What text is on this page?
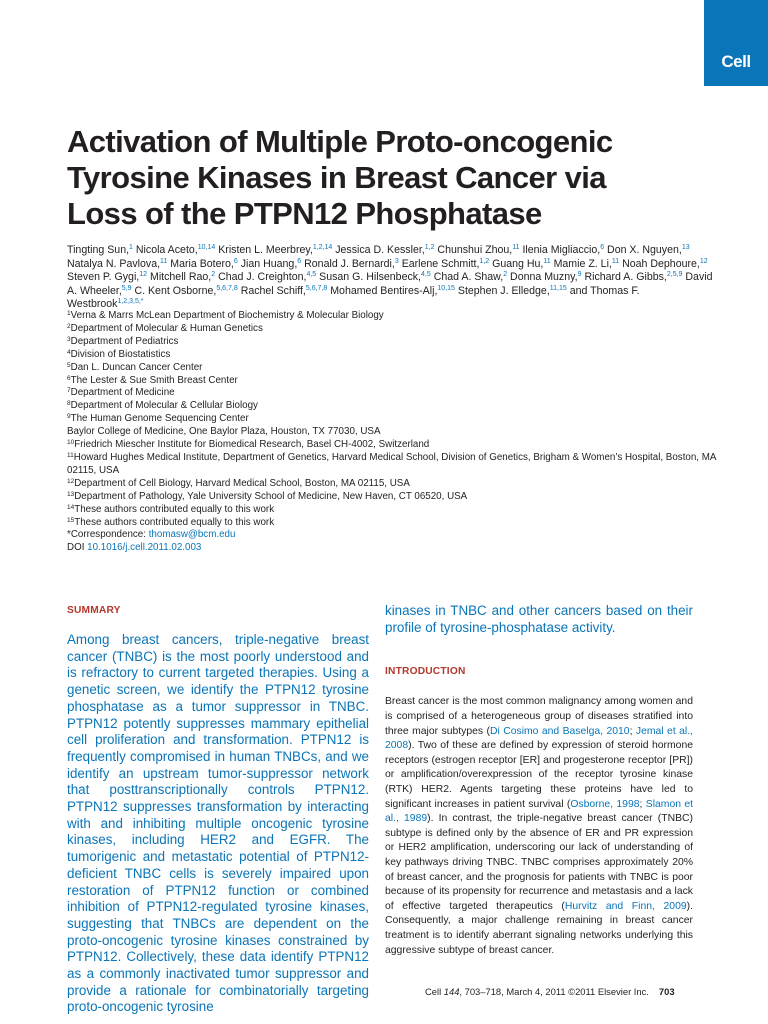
Cell
Activation of Multiple Proto-oncogenic
Tyrosine Kinases in Breast Cancer via
Loss of the PTPN12 Phosphatase
Tingting Sun,$^1$ Nicola Aceto,$^{10,14}$ Kristen L. Meerbrey,$^{1,2,14}$ Jessica D. Kessler,$^{1,2}$ Chunshui Zhou,$^{11}$ Ilenia Migliaccio,$^6$ Don X. Nguyen,$^{13}$ Natalya N. Pavlova,$^{11}$ Maria Botero,$^6$ Jian Huang,$^6$ Ronald J. Bernardi,$^3$ Earlene Schmitt,$^{1,2}$ Guang Hu,$^{11}$ Mamie Z. Li,$^{11}$ Noah Dephoure,$^{12}$ Steven P. Gygi,$^{12}$ Mitchell Rao,$^2$ Chad J. Creighton,$^{4,5}$ Susan G. Hilsenbeck,$^{4,5}$ Chad A. Shaw,$^2$ Donna Muzny,$^9$ Richard A. Gibbs,$^{2,5,9}$ David A. Wheeler,$^{5,9}$ C. Kent Osborne,$^{5,6,7,8}$ Rachel Schiff,$^{5,6,7,8}$ Mohamed Bentires-Alj,$^{10,15}$ Stephen J. Elledge,$^{11,15}$ and Thomas F. Westbrook$^{1,2,3,5,*}$
$^1$Verna & Marrs McLean Department of Biochemistry & Molecular Biology
$^2$Department of Molecular & Human Genetics
$^3$Department of Pediatrics
$^4$Division of Biostatistics
$^5$Dan L. Duncan Cancer Center
$^6$The Lester & Sue Smith Breast Center
$^7$Department of Medicine
$^8$Department of Molecular & Cellular Biology
$^9$The Human Genome Sequencing Center
Baylor College of Medicine, One Baylor Plaza, Houston, TX 77030, USA
$^{10}$Friedrich Miescher Institute for Biomedical Research, Basel CH-4002, Switzerland
$^{11}$Howard Hughes Medical Institute, Department of Genetics, Harvard Medical School, Division of Genetics, Brigham & Women’s Hospital, Boston, MA 02115, USA
$^{12}$Department of Cell Biology, Harvard Medical School, Boston, MA 02115, USA
$^{13}$Department of Pathology, Yale University School of Medicine, New Haven, CT 06520, USA
$^{14}$These authors contributed equally to this work
$^{15}$These authors contributed equally to this work
*Correspondence: thomasw@bcm.edu
DOI 10.1016/j.cell.2011.02.003
SUMMARY

Among breast cancers, triple-negative breast cancer (TNBC) is the most poorly understood and is refractory to current targeted therapies. Using a genetic screen, we identify the PTPN12 tyrosine phosphatase as a tumor suppressor in TNBC. PTPN12 potently suppresses mammary epithelial cell proliferation and transformation. PTPN12 is frequently compromised in human TNBCs, and we identify an upstream tumor-suppressor network that posttranscriptionally controls PTPN12. PTPN12 suppresses transformation by interacting with and inhibiting multiple oncogenic tyrosine kinases, including HER2 and EGFR. The tumorigenic and metastatic potential of PTPN12-deficient TNBC cells is severely impaired upon restoration of PTPN12 function or combined inhibition of PTPN12-regulated tyrosine kinases, suggesting that TNBCs are dependent on the proto-oncogenic tyrosine kinases constrained by PTPN12. Collectively, these data identify PTPN12 as a commonly inactivated tumor suppressor and provide a rationale for combinatorially targeting proto-oncogenic tyrosine

kinases in TNBC and other cancers based on their profile of tyrosine-phosphatase activity.

INTRODUCTION

Breast cancer is the most common malignancy among women and is comprised of a heterogeneous group of diseases stratified into three major subtypes (Di Cosimo and Baselga, 2010; Jemal et al., 2008). Two of these are defined by expression of steroid hormone receptors (estrogen receptor [ER] and progesterone receptor [PR]) or amplification/overexpression of the receptor tyrosine kinase (RTK) HER2. Agents targeting these proteins have led to significant increases in patient survival (Osborne, 1998; Slamon et al., 1989). In contrast, the triple-negative breast cancer (TNBC) subtype is defined only by the absence of ER and PR expression or HER2 amplification, underscoring our lack of understanding of key pathways driving TNBC. TNBC comprises approximately 20% of breast cancer, and the prognosis for patients with TNBC is poor because of its propensity for recurrence and metastasis and a lack of effective targeted therapeutics (Hurvitz and Finn, 2009). Consequently, a major challenge remaining in breast cancer treatment is to identify aberrant signaling networks underlying this aggressive subtype of breast cancer.

Cell 144, 703–718, March 4, 2011 ©2011 Elsevier Inc. 703
